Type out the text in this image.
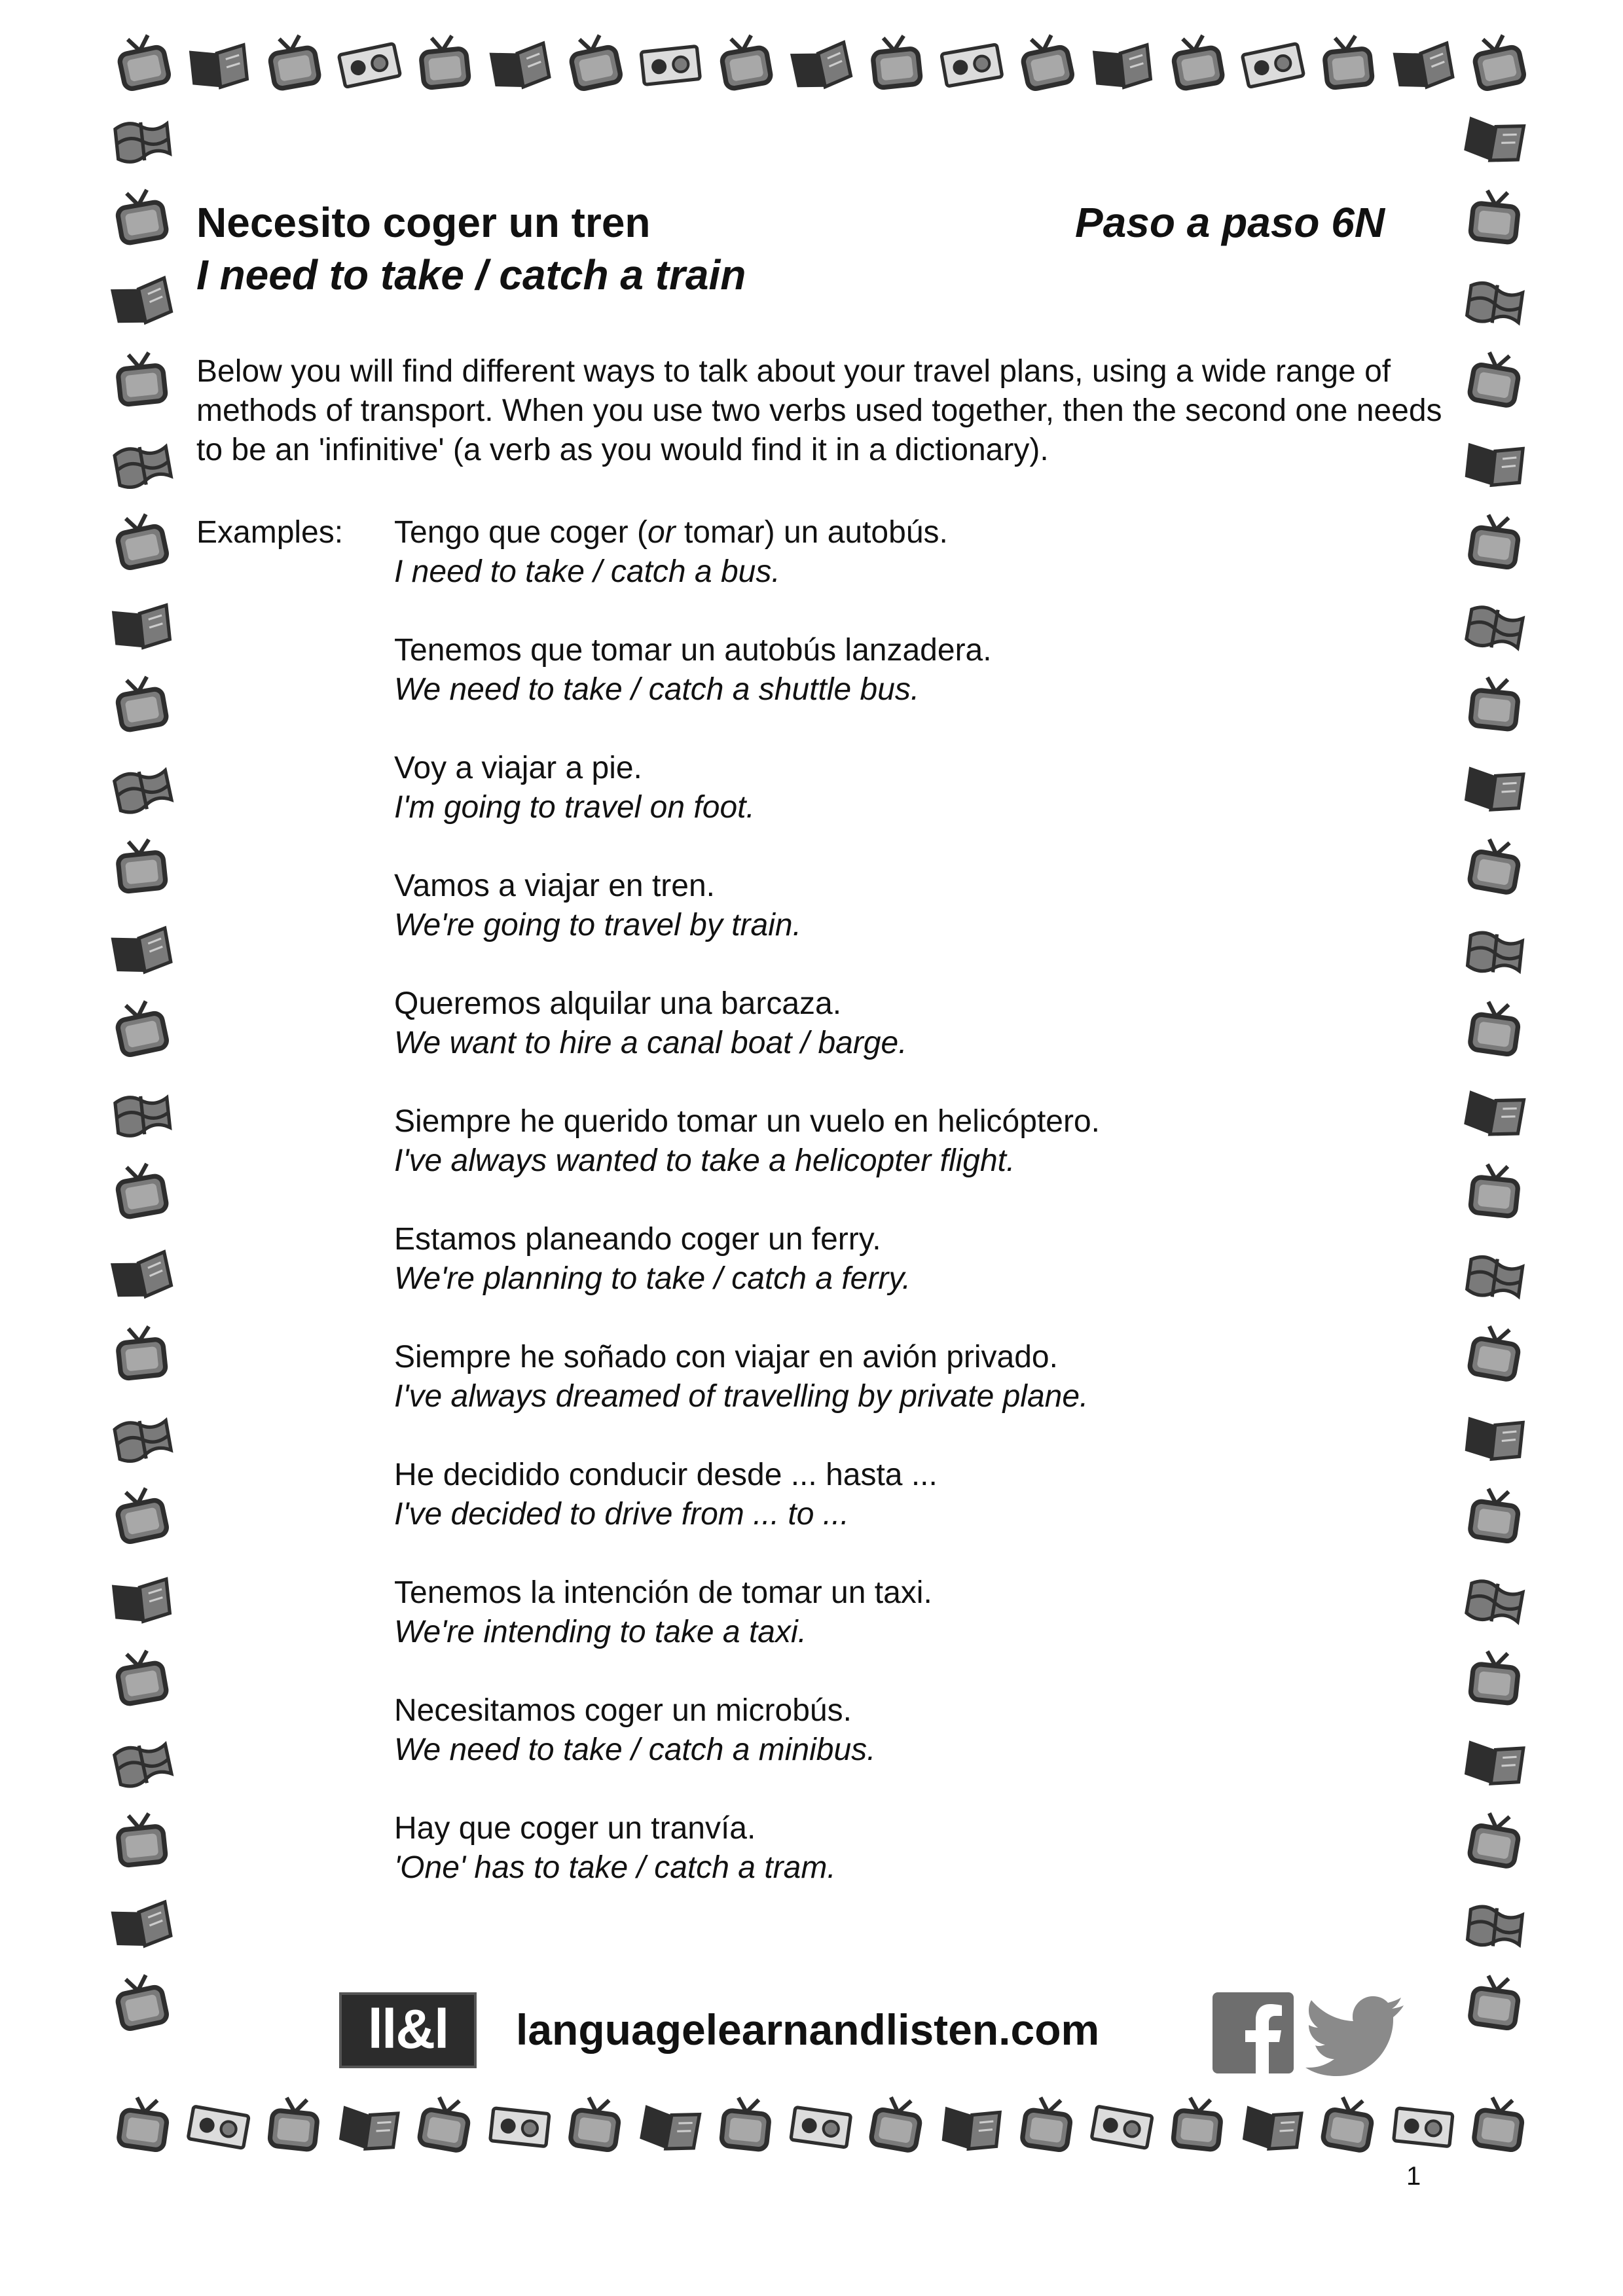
Necesito coger un tren	Paso a paso 6N
I need to take / catch a train

Below you will find different ways to talk about your travel plans, using a wide range of methods of transport. When you use two verbs used together, then the second one needs to be an 'infinitive' (a verb as you would find it in a dictionary).

Examples: Tengo que coger (or tomar) un autobús.
I need to take / catch a bus.
Tenemos que tomar un autobús lanzadera.
We need to take / catch a shuttle bus.
Voy a viajar a pie.
I'm going to travel on foot.
Vamos a viajar en tren.
We're going to travel by train.
Queremos alquilar una barcaza.
We want to hire a canal boat / barge.
Siempre he querido tomar un vuelo en helicóptero.
I've always wanted to take a helicopter flight.
Estamos planeando coger un ferry.
We're planning to take / catch a ferry.
Siempre he soñado con viajar en avión privado.
I've always dreamed of travelling by private plane.
He decidido conducir desde ... hasta ...
I've decided to drive from ... to ...
Tenemos la intención de tomar un taxi.
We're intending to take a taxi.
Necesitamos coger un microbús.
We need to take / catch a minibus.
Hay que coger un tranvía.
'One' has to take / catch a tram.
ll&l	languagelearnandlisten.com
1
